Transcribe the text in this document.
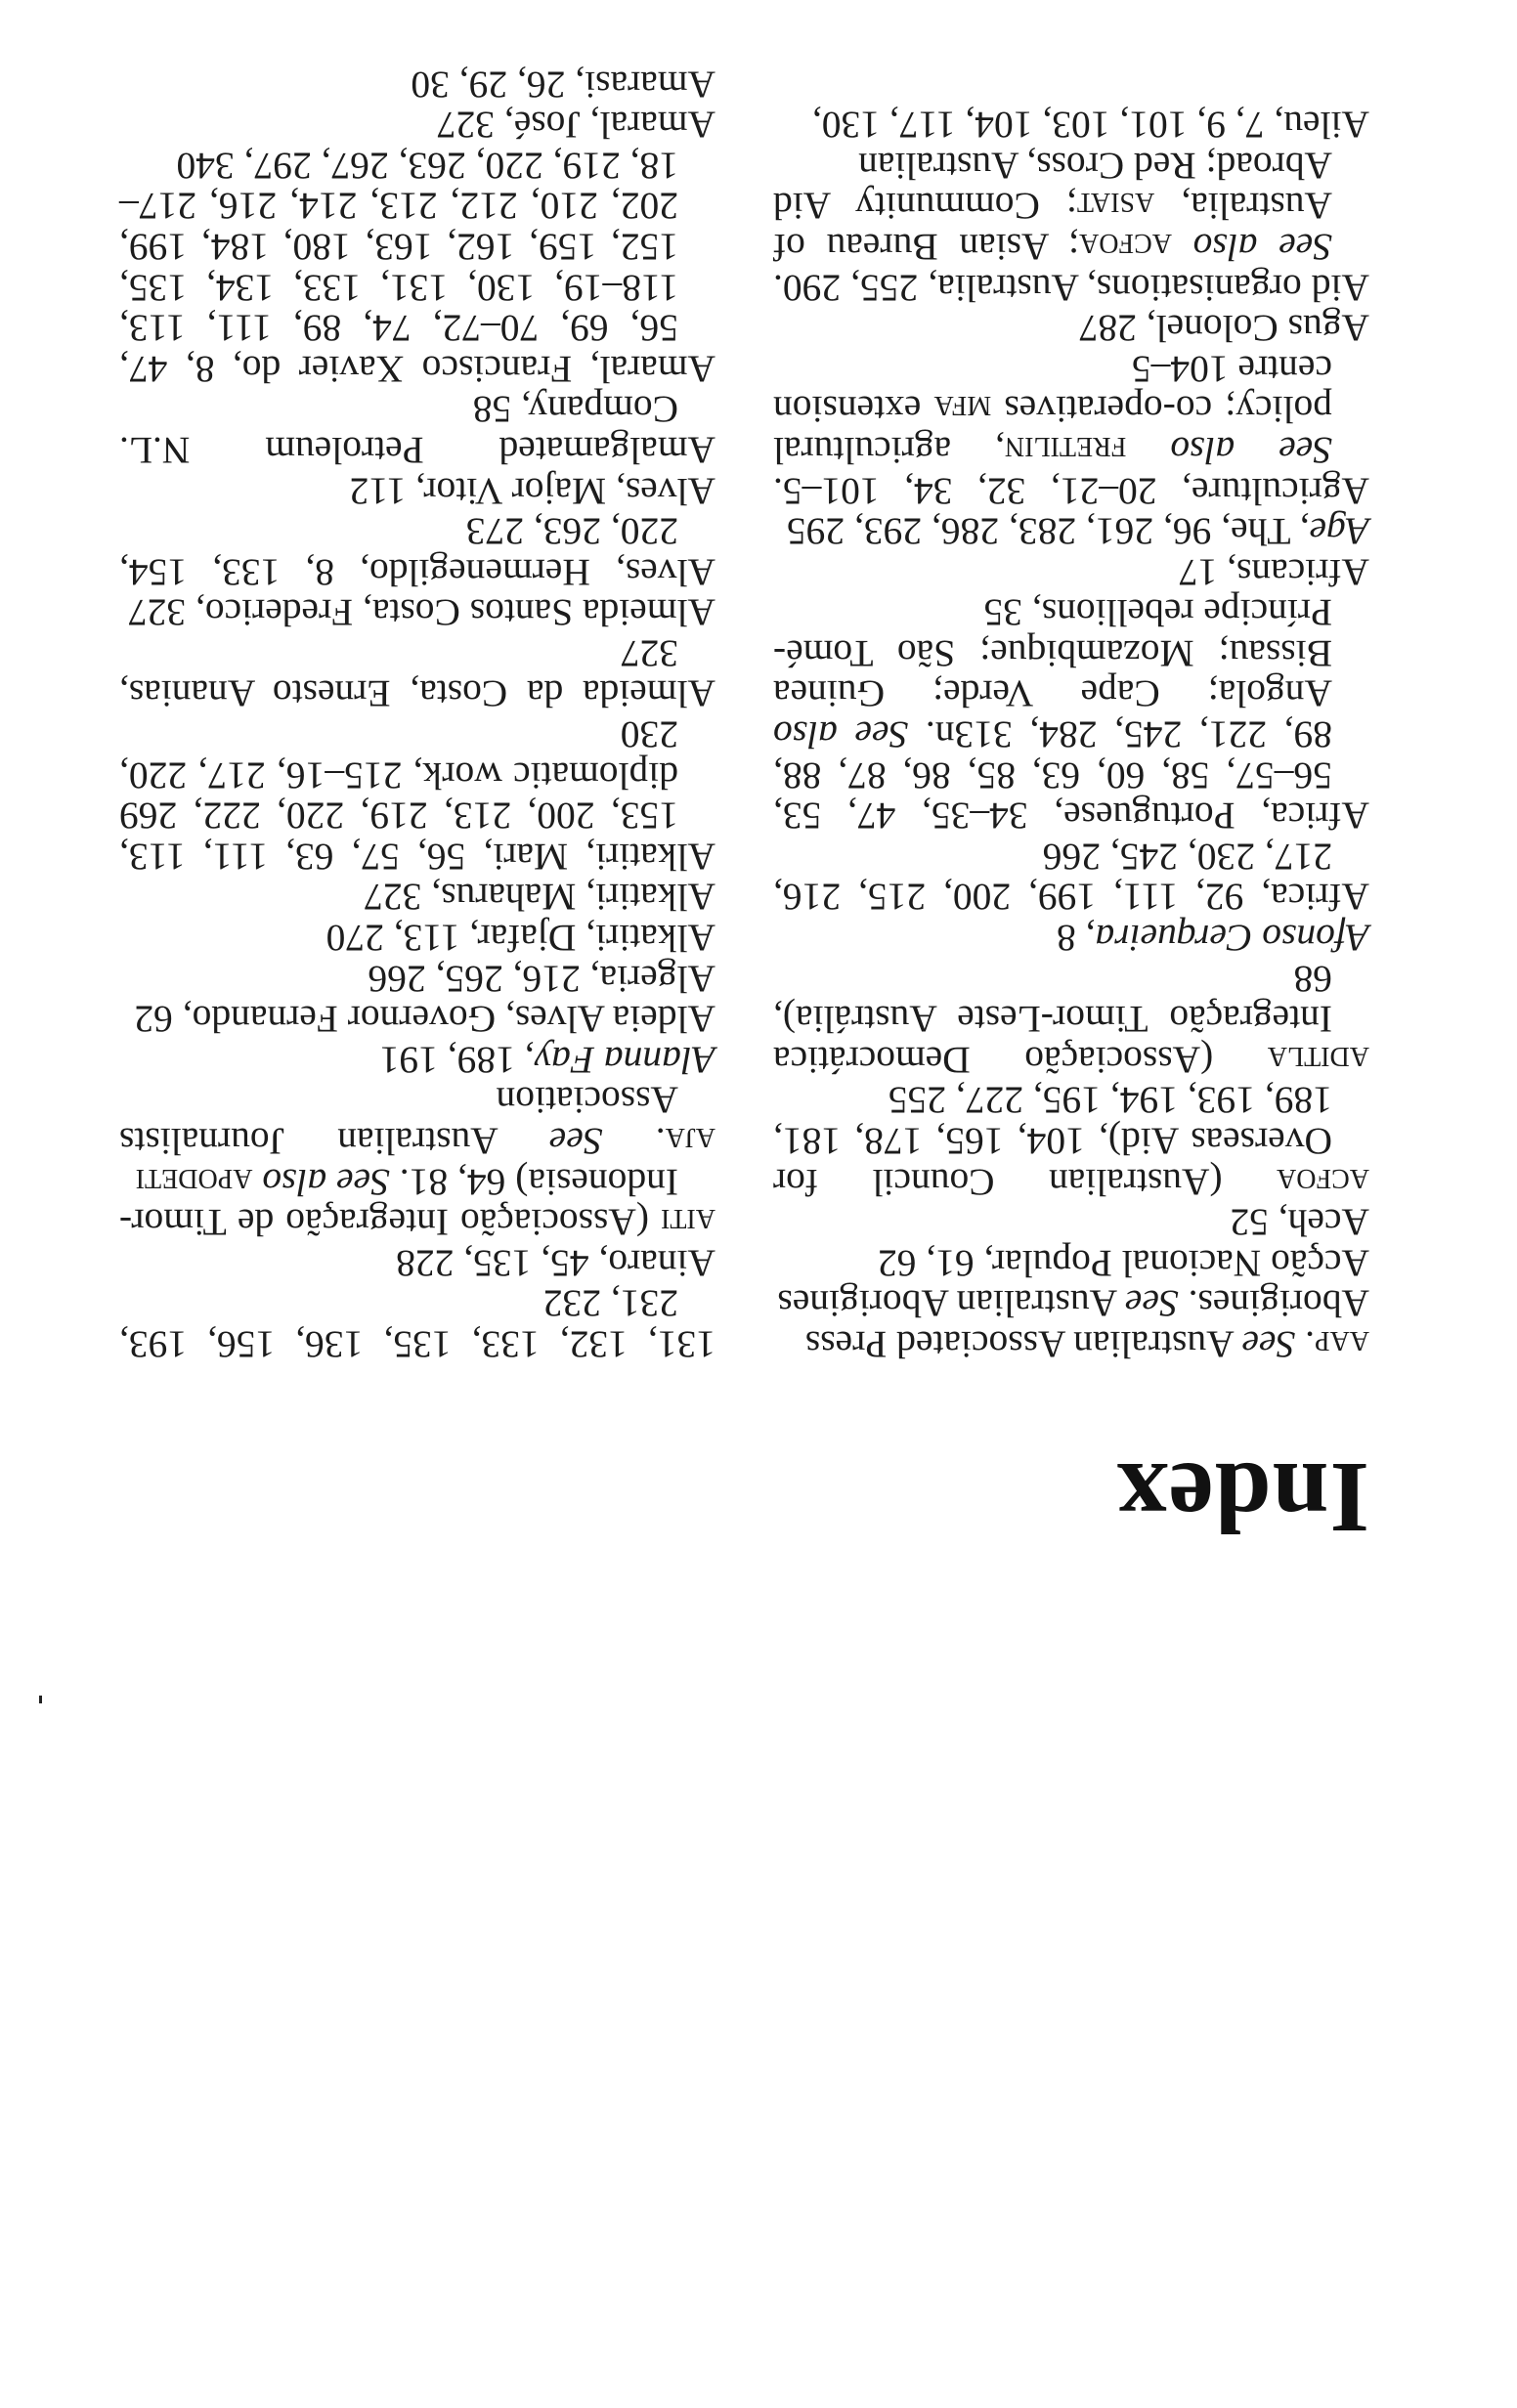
Index

aap. See Australian Associated Press

Aborigines. See Australian Aborigines

Acção Nacional Popular, 61, 62

Aceh, 52

acfoa (Australian Council for Overseas Aid), 104, 165, 178, 181, 189, 193, 194, 195, 227, 255

aditla (Associação Democrática Integração Timor-Leste Austrália), 68

Afonso Cerqueira, 8

Africa, 92, 111, 199, 200, 215, 216, 217, 230, 245, 266

Africa, Portuguese, 34–35, 47, 53, 56–57, 58, 60, 63, 85, 86, 87, 88, 89, 221, 245, 284, 313n. See also Angola; Cape Verde; Guinea Bissau; Mozambique; São Tomé-Príncipe rebellions, 35

Africans, 17

Age, The, 96, 261, 283, 286, 293, 295

Agriculture, 20–21, 32, 34, 101–5. See also fretilin, agricultural policy; co-operatives mfa extension centre 104–5

Agus Colonel, 287

Aid organisations, Australia, 255, 290. See also acfoa; Asian Bureau of Australia, asiat; Community Aid Abroad; Red Cross, Australian

Aileu, 7, 9, 101, 103, 104, 117, 130,

131, 132, 133, 135, 136, 156, 193, 231, 232

Ainaro, 45, 135, 228

aiti (Associação Integração de Timor-Indonesia) 64, 81. See also apodeti

aja. See Australian Journalists Association

Alanna Fay, 189, 191

Aldeia Alves, Governor Fernando, 62

Algeria, 216, 265, 266

Alkatiri, Djafar, 113, 270

Alkatiri, Maharus, 327

Alkatiri, Mari, 56, 57, 63, 111, 113, 153, 200, 213, 219, 220, 222, 269 diplomatic work, 215–16, 217, 220, 230

Almeida da Costa, Ernesto Ananias, 327

Almeida Santos Costa, Frederico, 327

Alves, Hermenegildo, 8, 133, 154, 220, 263, 273

Alves, Major Vitor, 112

Amalgamated Petroleum N.L. Company, 58

Amaral, Francisco Xavier do, 8, 47, 56, 69, 70–72, 74, 89, 111, 113, 118–19, 130, 131, 133, 134, 135, 152, 159, 162, 163, 180, 184, 199, 202, 210, 212, 213, 214, 216, 217–18, 219, 220, 263, 267, 297, 340

Amaral, José, 327

Amarasi, 26, 29, 30
